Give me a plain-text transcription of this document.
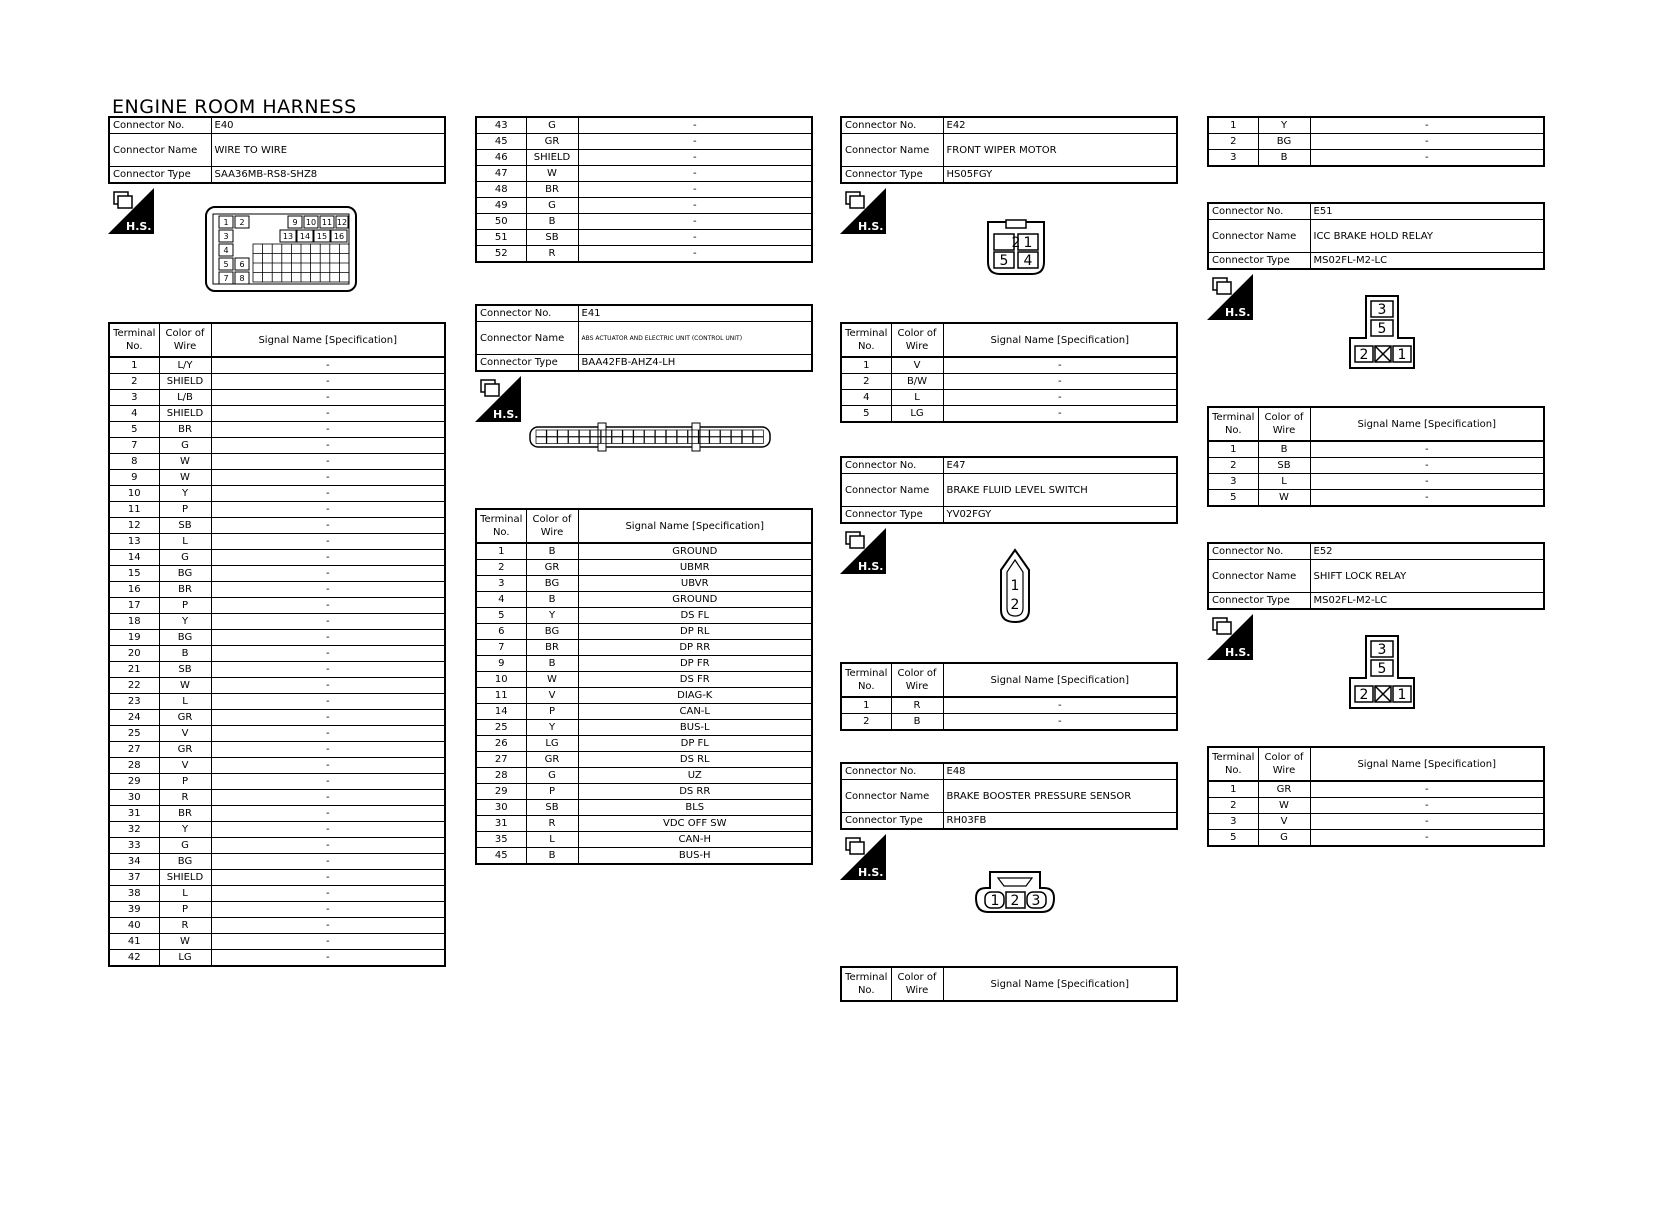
ENGINE ROOM HARNESS
Connector No.	E40
Connector Name	WIRE TO WIRE
Connector Type	SAA36MB-RS8-SHZ8
H.S.	1 2
3
4
5 6
7 8
9 10 11 12
13 14 15 16
Terminal No.	Color of Wire	Signal Name [Specification]
1	L/Y	-
2	SHIELD	-
3	L/B	-
4	SHIELD	-
5	BR	-
7	G	-
8	W	-
9	W	-
10	Y	-
11	P	-
12	SB	-
13	L	-
14	G	-
15	BG	-
16	BR	-
17	P	-
18	Y	-
19	BG	-
20	B	-
21	SB	-
22	W	-
23	L	-
24	GR	-
25	V	-
27	GR	-
28	V	-
29	P	-
30	R	-
31	BR	-
32	Y	-
33	G	-
34	BG	-
37	SHIELD	-
38	L	-
39	P	-
40	R	-
41	W	-
42	LG	-
43	G	-
45	GR	-
46	SHIELD	-
47	W	-
48	BR	-
49	G	-
50	B	-
51	SB	-
52	R	-
Connector No.	E41
Connector Name	ABS ACTUATOR AND ELECTRIC UNIT (CONTROL UNIT)
Connector Type	BAA42FB-AHZ4-LH
H.S.
Terminal No.	Color of Wire	Signal Name [Specification]
1	B	GROUND
2	GR	UBMR
3	BG	UBVR
4	B	GROUND
5	Y	DS FL
6	BG	DP RL
7	BR	DP RR
9	B	DP FR
10	W	DS FR
11	V	DIAG-K
14	P	CAN-L
25	Y	BUS-L
26	LG	DP FL
27	GR	DS RL
28	G	UZ
29	P	DS RR
30	SB	BLS
31	R	VDC OFF SW
35	L	CAN-H
45	B	BUS-H
Connector No.	E42
Connector Name	FRONT WIPER MOTOR
Connector Type	HS05FGY
H.S.
1
2 2
5 4
Terminal No.	Color of Wire	Signal Name [Specification]
1	V	-
2	B/W	-
4	L	-
5	LG	-
Connector No.	E47
Connector Name	BRAKE FLUID LEVEL SWITCH
Connector Type	YV02FGY
H.S.
1
2
Terminal No.	Color of Wire	Signal Name [Specification]
1	R	-
2	B	-
Connector No.	E48
Connector Name	BRAKE BOOSTER PRESSURE SENSOR
Connector Type	RH03FB
H.S.
1 2 3
Terminal No.	Color of Wire	Signal Name [Specification]
1	Y	-
2	BG	-
3	B	-
Connector No.	E51
Connector Name	ICC BRAKE HOLD RELAY
Connector Type	MS02FL-M2-LC
H.S.	3
5
2 1
Terminal No.	Color of Wire	Signal Name [Specification]
1	B	-
2	SB	-
3	L	-
5	W	-
Connector No.	E52
Connector Name	SHIFT LOCK RELAY
Connector Type	MS02FL-M2-LC
H.S.	3
5
2 1
Terminal No.	Color of Wire	Signal Name [Specification]
1	GR	-
2	W	-
3	V	-
5	G	-
